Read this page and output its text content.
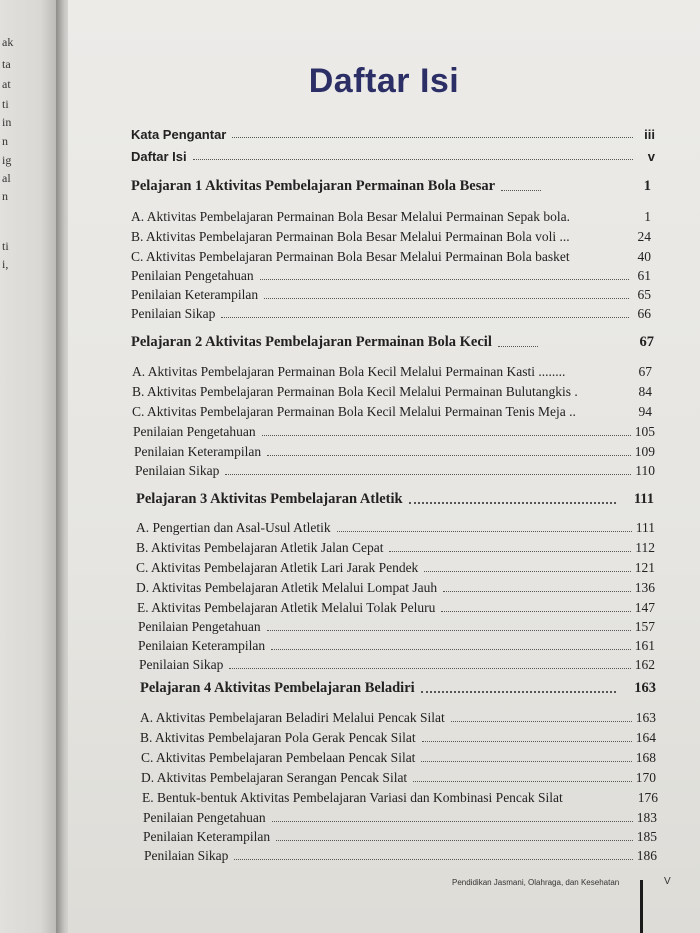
ak
ta
at
ti
in
n
ig
al
n
ti
i,
Daftar Isi
Kata Pengantar	iii
Daftar Isi	v
Pelajaran 1 Aktivitas Pembelajaran Permainan Bola Besar	1
A. Aktivitas Pembelajaran Permainan Bola Besar Melalui Permainan Sepak bola.	1
B. Aktivitas Pembelajaran Permainan Bola Besar Melalui Permainan Bola voli ...	24
C. Aktivitas Pembelajaran Permainan Bola Besar Melalui Permainan Bola basket	40
Penilaian Pengetahuan	61
Penilaian Keterampilan	65
Penilaian Sikap	66
Pelajaran 2 Aktivitas Pembelajaran Permainan Bola Kecil	67
A. Aktivitas Pembelajaran Permainan Bola Kecil Melalui Permainan Kasti ........	67
B. Aktivitas Pembelajaran Permainan Bola Kecil Melalui Permainan Bulutangkis .	84
C. Aktivitas Pembelajaran Permainan Bola Kecil Melalui Permainan Tenis Meja ..	94
Penilaian Pengetahuan	105
Penilaian Keterampilan	109
Penilaian Sikap	110
Pelajaran 3 Aktivitas Pembelajaran Atletik	111
A. Pengertian dan Asal-Usul Atletik	111
B. Aktivitas Pembelajaran Atletik Jalan Cepat	112
C. Aktivitas Pembelajaran Atletik Lari Jarak Pendek	121
D. Aktivitas Pembelajaran Atletik Melalui Lompat Jauh	136
E. Aktivitas Pembelajaran Atletik Melalui Tolak Peluru	147
Penilaian Pengetahuan	157
Penilaian Keterampilan	161
Penilaian Sikap	162
Pelajaran 4 Aktivitas Pembelajaran Beladiri	163
A. Aktivitas Pembelajaran Beladiri Melalui Pencak Silat	163
B. Aktivitas Pembelajaran Pola Gerak Pencak Silat	164
C. Aktivitas Pembelajaran Pembelaan Pencak Silat	168
D. Aktivitas Pembelajaran Serangan Pencak Silat	170
E. Bentuk-bentuk Aktivitas Pembelajaran Variasi dan Kombinasi Pencak Silat	176
Penilaian Pengetahuan	183
Penilaian Keterampilan	185
Penilaian Sikap	186
Pendidikan Jasmani, Olahraga, dan Kesehatan	V
